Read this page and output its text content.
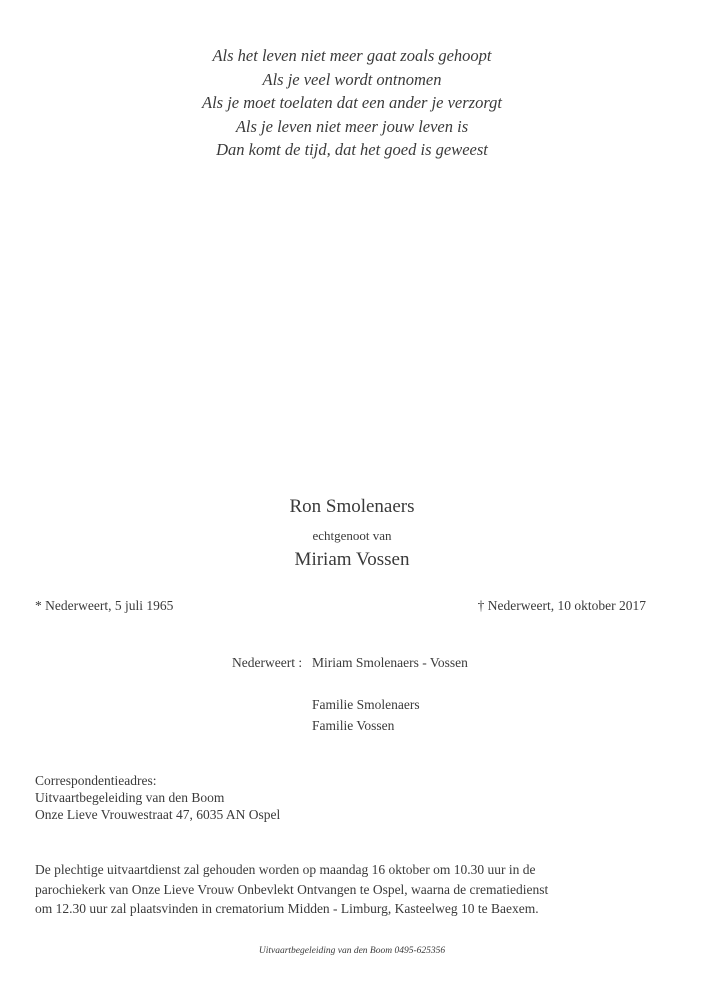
Als het leven niet meer gaat zoals gehoopt
Als je veel wordt ontnomen
Als je moet toelaten dat een ander je verzorgt
Als je leven niet meer jouw leven is
Dan komt de tijd, dat het goed is geweest
Ron Smolenaers
echtgenoot van
Miriam Vossen
* Nederweert, 5 juli 1965	† Nederweert, 10 oktober 2017
Nederweert : Miriam Smolenaers - Vossen
Familie Smolenaers
Familie Vossen
Correspondentieadres:
Uitvaartbegeleiding van den Boom
Onze Lieve Vrouwestraat 47, 6035 AN Ospel
De plechtige uitvaartdienst zal gehouden worden op maandag 16 oktober om 10.30 uur in de
parochiekerk van Onze Lieve Vrouw Onbevlekt Ontvangen te Ospel, waarna de crematiedienst
om 12.30 uur zal plaatsvinden in crematorium Midden - Limburg, Kasteelweg 10 te Baexem.
Uitvaartbegeleiding van den Boom 0495-625356
